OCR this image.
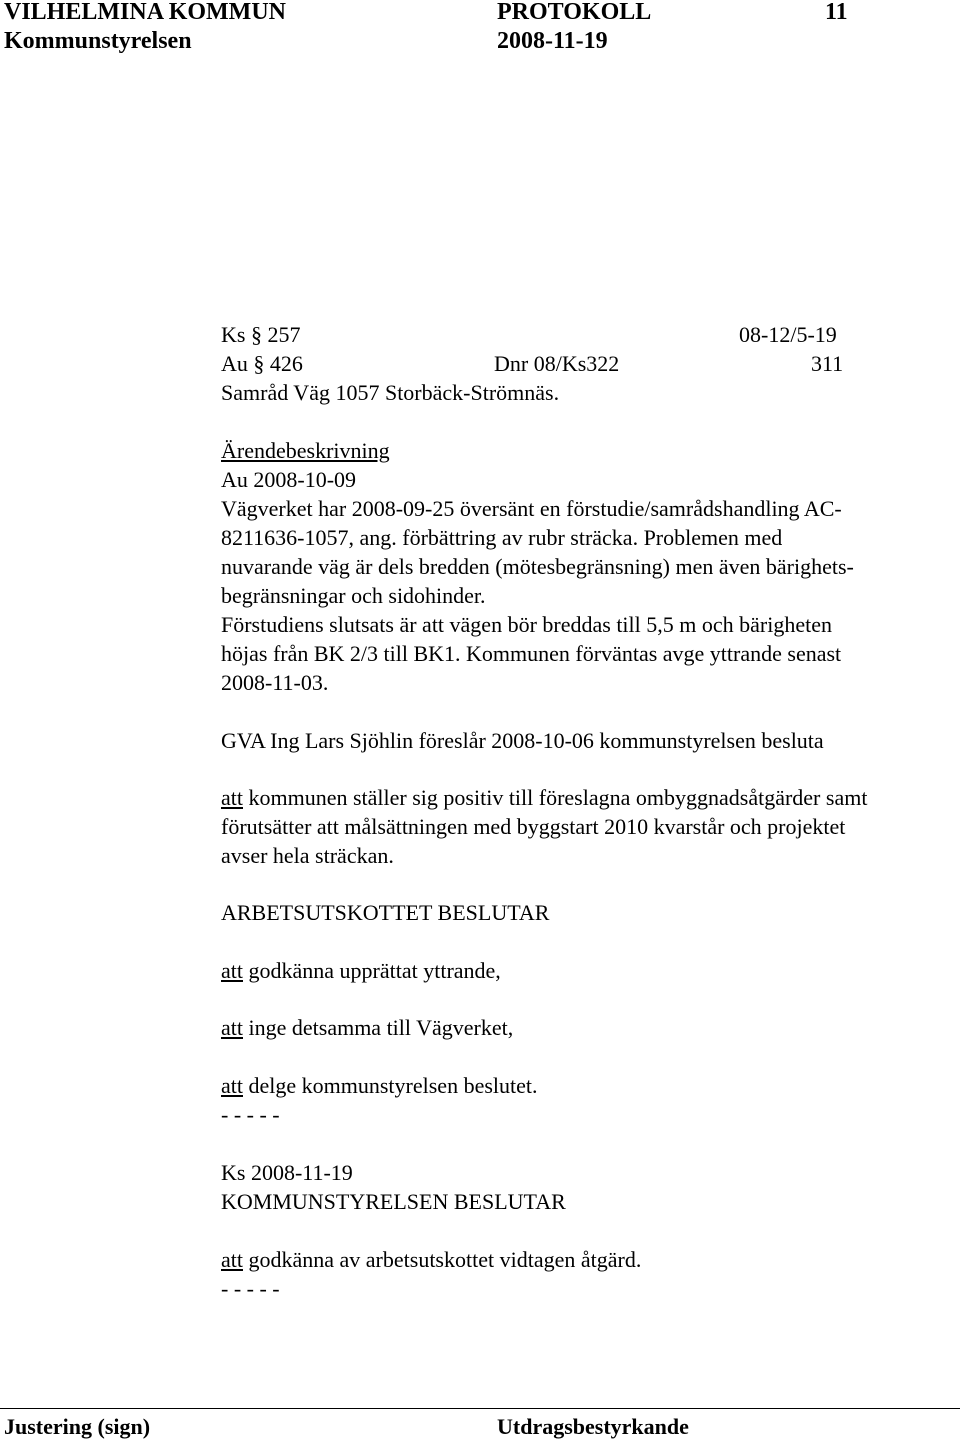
VILHELMINA KOMMUN	PROTOKOLL	11
Kommunstyrelsen	2008-11-19
Ks § 257	08-12/5-19
Au § 426	Dnr 08/Ks322	311
Samråd Väg 1057 Storbäck-Strömnäs.
Ärendebeskrivning
Au 2008-10-09
Vägverket har 2008-09-25 översänt en förstudie/samrådshandling AC-
8211636-1057, ang. förbättring av rubr sträcka. Problemen med
nuvarande väg är dels bredden (mötesbegränsning) men även bärighets-
begränsningar och sidohinder.
Förstudiens slutsats är att vägen bör breddas till 5,5 m och bärigheten
höjas från BK 2/3 till BK1. Kommunen förväntas avge yttrande senast
2008-11-03.
GVA Ing Lars Sjöhlin föreslår 2008-10-06 kommunstyrelsen besluta
att kommunen ställer sig positiv till föreslagna ombyggnadsåtgärder samt
förutsätter att målsättningen med byggstart 2010 kvarstår och projektet
avser hela sträckan.
ARBETSUTSKOTTET BESLUTAR
att godkänna upprättat yttrande,
att inge detsamma till Vägverket,
att delge kommunstyrelsen beslutet.
- - - - -
Ks 2008-11-19
KOMMUNSTYRELSEN BESLUTAR
att godkänna av arbetsutskottet vidtagen åtgärd.
- - - - -
Justering (sign)	Utdragsbestyrkande
